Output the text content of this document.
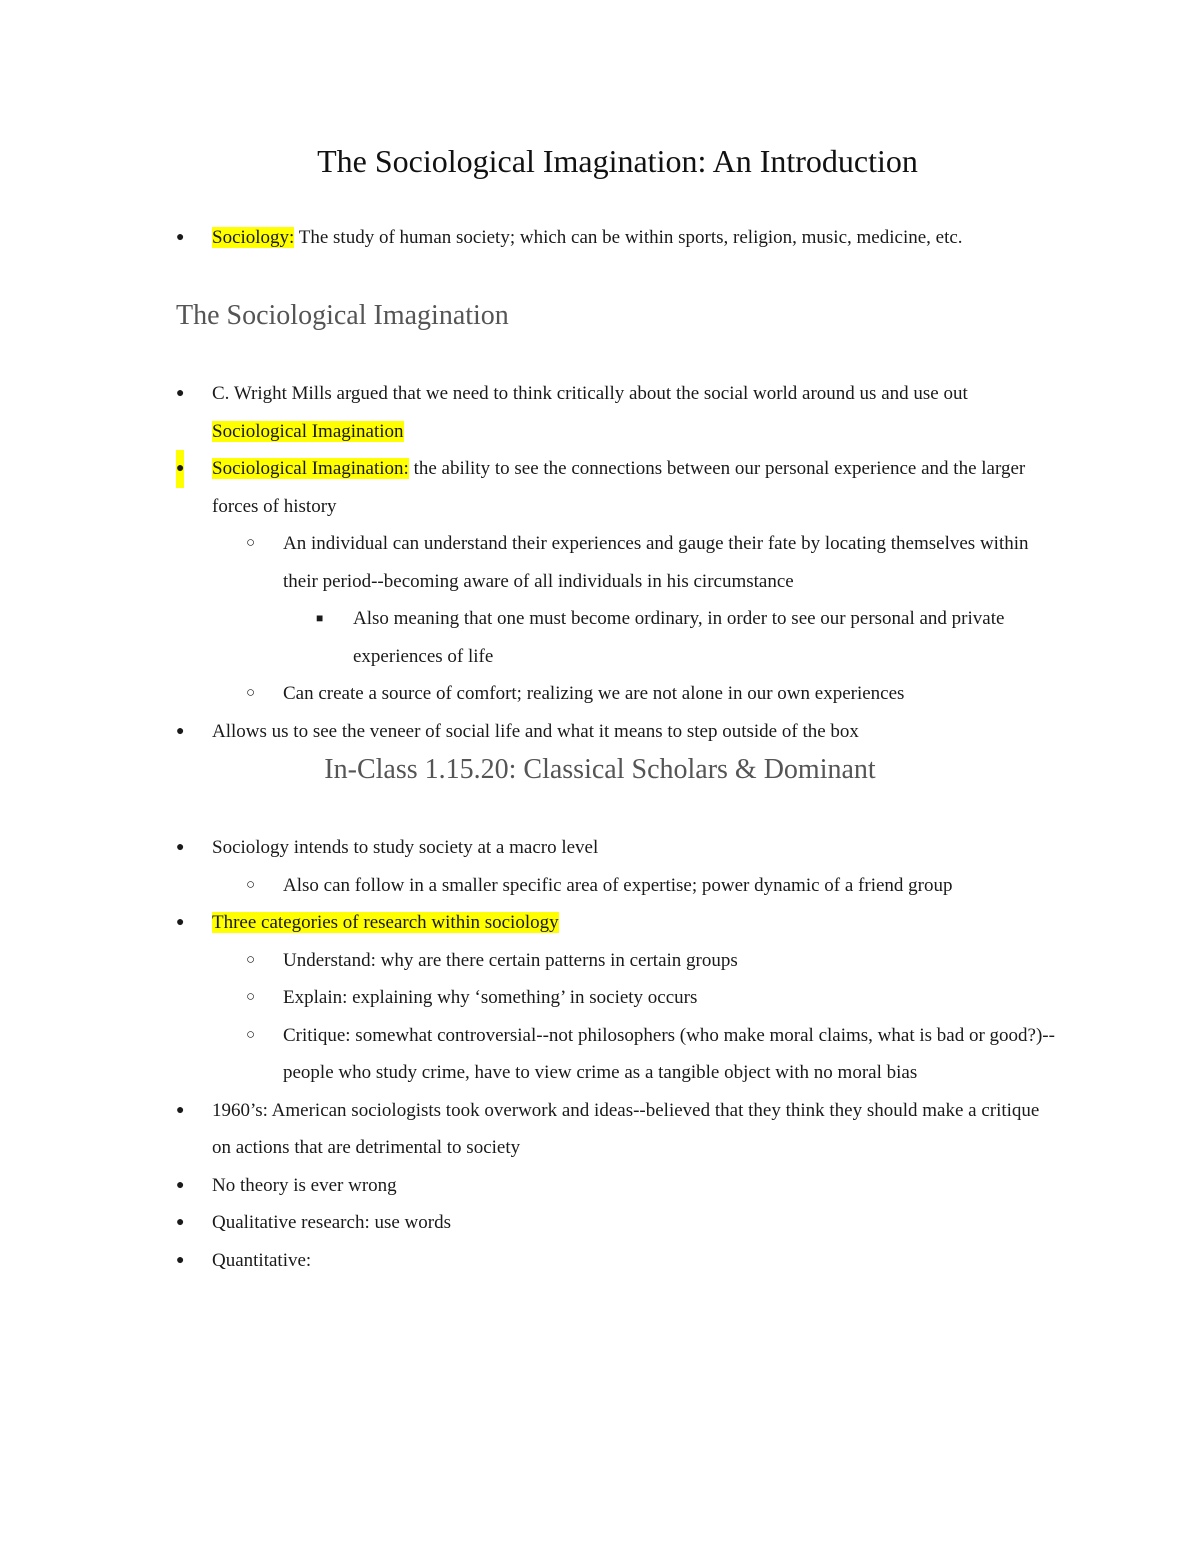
The Sociological Imagination: An Introduction
● Sociology: The study of human society; which can be within sports, religion, music, medicine, etc.
The Sociological Imagination
● C. Wright Mills argued that we need to think critically about the social world around us and use out Sociological Imagination
● Sociological Imagination: the ability to see the connections between our personal experience and the larger forces of history
○ An individual can understand their experiences and gauge their fate by locating themselves within their period--becoming aware of all individuals in his circumstance
■ Also meaning that one must become ordinary, in order to see our personal and private experiences of life
○ Can create a source of comfort; realizing we are not alone in our own experiences
● Allows us to see the veneer of social life and what it means to step outside of the box
In-Class 1.15.20: Classical Scholars & Dominant
● Sociology intends to study society at a macro level
○ Also can follow in a smaller specific area of expertise; power dynamic of a friend group
● Three categories of research within sociology
○ Understand: why are there certain patterns in certain groups
○ Explain: explaining why ‘something’ in society occurs
○ Critique: somewhat controversial--not philosophers (who make moral claims, what is bad or good?)--people who study crime, have to view crime as a tangible object with no moral bias
● 1960’s: American sociologists took overwork and ideas--believed that they think they should make a critique on actions that are detrimental to society
● No theory is ever wrong
● Qualitative research: use words
● Quantitative:
